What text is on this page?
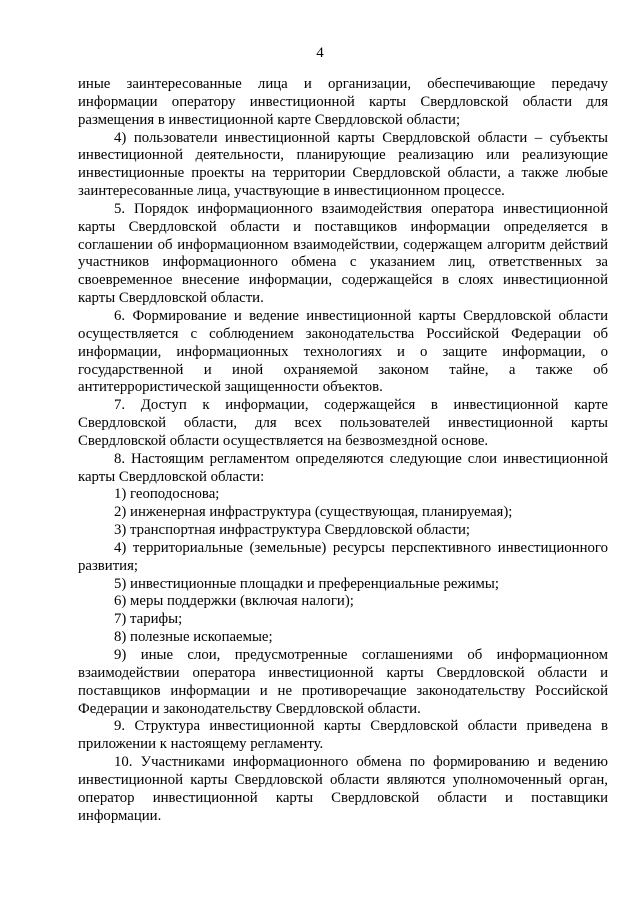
4

иные заинтересованные лица и организации, обеспечивающие передачу информации оператору инвестиционной карты Свердловской области для размещения в инвестиционной карте Свердловской области;

4) пользователи инвестиционной карты Свердловской области – субъекты инвестиционной деятельности, планирующие реализацию или реализующие инвестиционные проекты на территории Свердловской области, а также любые заинтересованные лица, участвующие в инвестиционном процессе.

5. Порядок информационного взаимодействия оператора инвестиционной карты Свердловской области и поставщиков информации определяется в соглашении об информационном взаимодействии, содержащем алгоритм действий участников информационного обмена с указанием лиц, ответственных за своевременное внесение информации, содержащейся в слоях инвестиционной карты Свердловской области.

6. Формирование и ведение инвестиционной карты Свердловской области осуществляется с соблюдением законодательства Российской Федерации об информации, информационных технологиях и о защите информации, о государственной и иной охраняемой законом тайне, а также об антитеррористической защищенности объектов.

7. Доступ к информации, содержащейся в инвестиционной карте Свердловской области, для всех пользователей инвестиционной карты Свердловской области осуществляется на безвозмездной основе.

8. Настоящим регламентом определяются следующие слои инвестиционной карты Свердловской области:

1) геоподоснова;

2) инженерная инфраструктура (существующая, планируемая);

3) транспортная инфраструктура Свердловской области;

4) территориальные (земельные) ресурсы перспективного инвестиционного развития;

5) инвестиционные площадки и преференциальные режимы;

6) меры поддержки (включая налоги);

7) тарифы;

8) полезные ископаемые;

9) иные слои, предусмотренные соглашениями об информационном взаимодействии оператора инвестиционной карты Свердловской области и поставщиков информации и не противоречащие законодательству Российской Федерации и законодательству Свердловской области.

9. Структура инвестиционной карты Свердловской области приведена в приложении к настоящему регламенту.

10. Участниками информационного обмена по формированию и ведению инвестиционной карты Свердловской области являются уполномоченный орган, оператор инвестиционной карты Свердловской области и поставщики информации.
